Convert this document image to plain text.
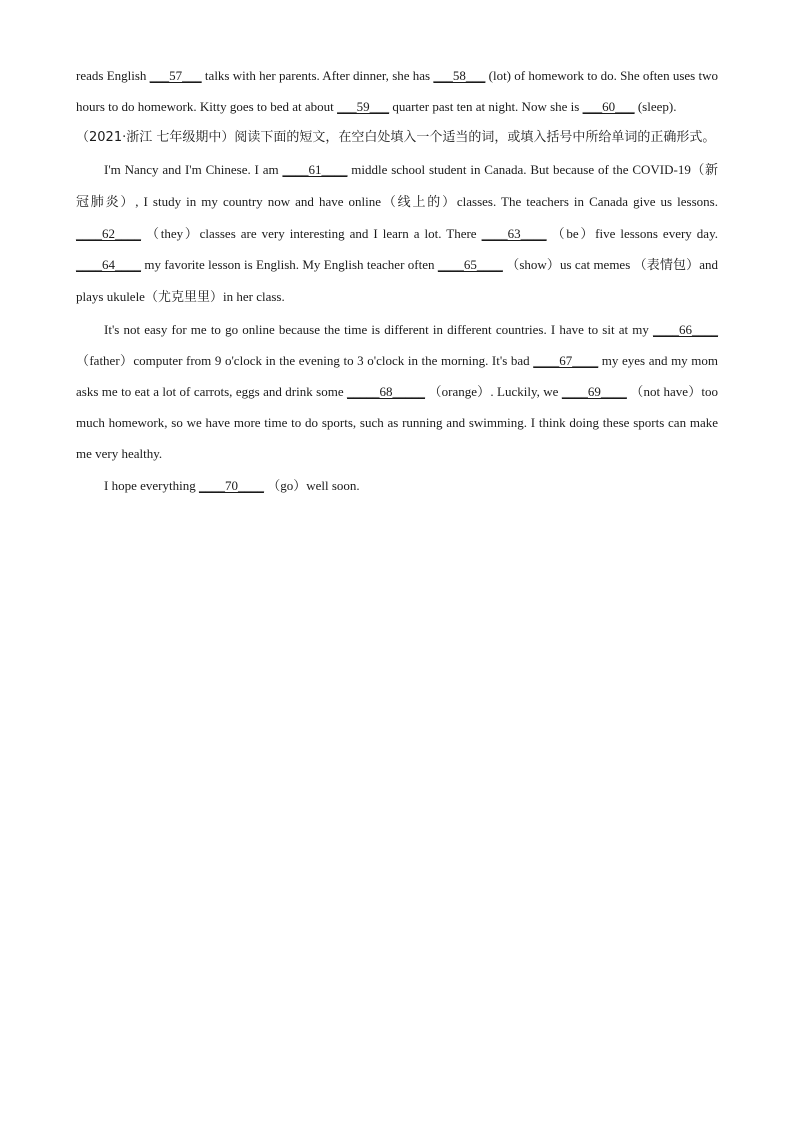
reads English ___57___ talks with her parents. After dinner, she has ___58___ (lot) of homework to do. She often uses two hours to do homework. Kitty goes to bed at about ___59___ quarter past ten at night. Now she is ___60___ (sleep).

（2021·浙江 七年级期中）阅读下面的短文，在空白处填入一个适当的词，或填入括号中所给单词的正确形式。

I'm Nancy and I'm Chinese. I am ____61____ middle school student in Canada. But because of the COVID-19（新冠肺炎）, I study in my country now and have online（线上的）classes. The teachers in Canada give us lessons. ____62____ （they）classes are very interesting and I learn a lot. There ____63____ （be）five lessons every day. ____64____ my favorite lesson is English. My English teacher often ____65____ （show）us cat memes （表情包）and plays ukulele（尤克里里）in her class.

It's not easy for me to go online because the time is different in different countries. I have to sit at my ____66____ （father）computer from 9 o'clock in the evening to 3 o'clock in the morning. It's bad ____67____ my eyes and my mom asks me to eat a lot of carrots, eggs and drink some _____68_____ （orange）. Luckily, we ____69____ （not have）too much homework, so we have more time to do sports, such as running and swimming. I think doing these sports can make me very healthy.

I hope everything ____70____ （go）well soon.
